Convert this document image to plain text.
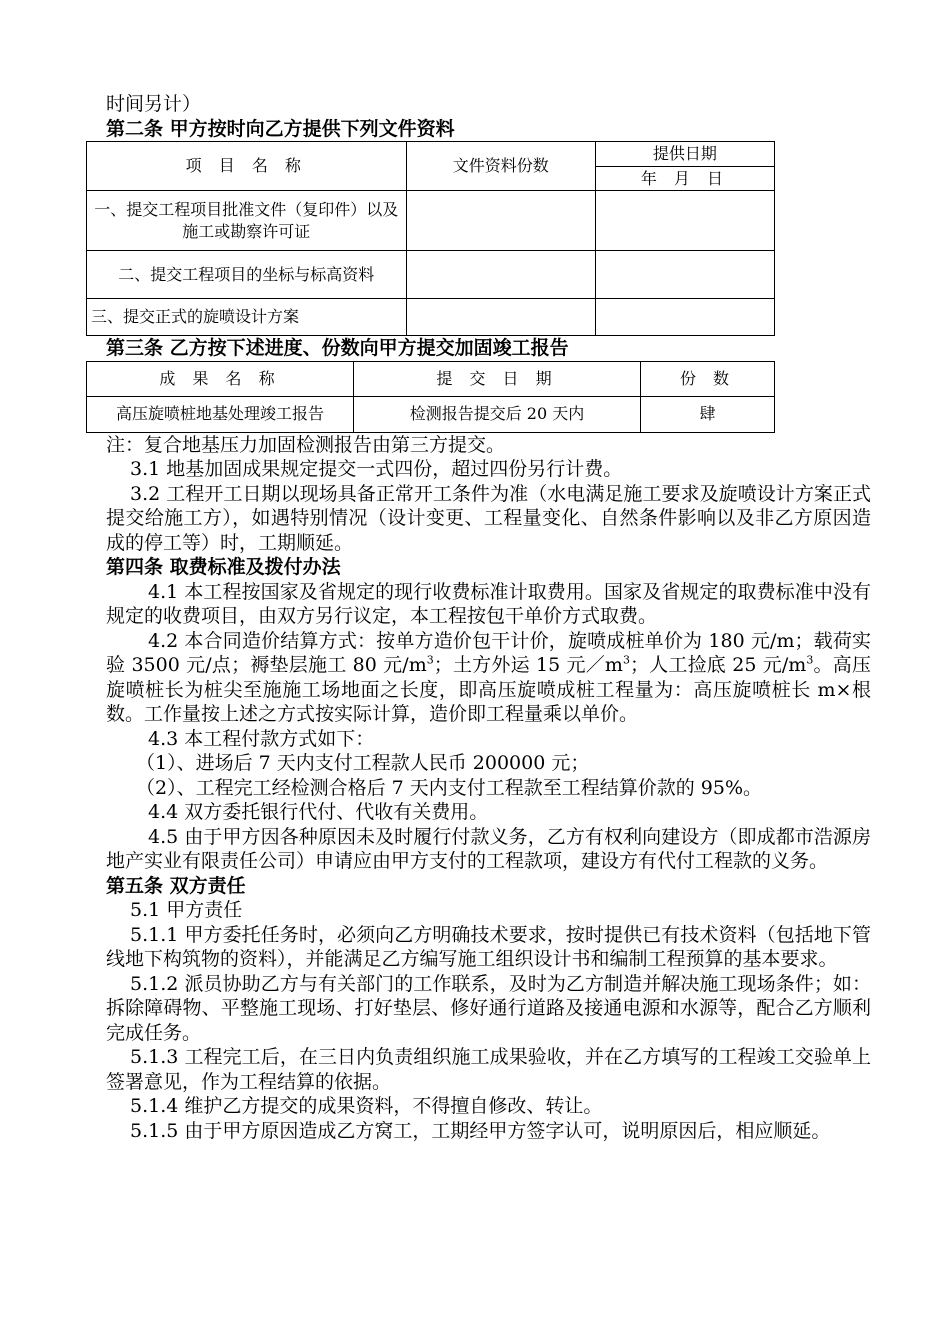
时间另计）
第二条 甲方按时向乙方提供下列文件资料
项 目 名 称	文件资料份数	提供日期
		年 月 日
一、提交工程项目批准文件（复印件）以及施工或勘察许可证		
二、提交工程项目的坐标与标高资料		
三、提交正式的旋喷设计方案		
第三条 乙方按下述进度、份数向甲方提交加固竣工报告
成 果 名 称	提 交 日 期	份 数
高压旋喷桩地基处理竣工报告	检测报告提交后 20 天内	肆
注：复合地基压力加固检测报告由第三方提交。
3.1 地基加固成果规定提交一式四份，超过四份另行计费。
3.2 工程开工日期以现场具备正常开工条件为准（水电满足施工要求及旋喷设计方案正式提交给施工方），如遇特别情况（设计变更、工程量变化、自然条件影响以及非乙方原因造成的停工等）时，工期顺延。
第四条 取费标准及拨付办法
4.1 本工程按国家及省规定的现行收费标准计取费用。国家及省规定的取费标准中没有规定的收费项目，由双方另行议定，本工程按包干单价方式取费。
4.2 本合同造价结算方式：按单方造价包干计价，旋喷成桩单价为 180 元/m；载荷实验 3500 元/点；褥垫层施工 80 元$/m^3$；土方外运 15 元$/m^3$；人工捡底 25 元$/m^3$。高压旋喷桩长为桩尖至施施工场地面之长度，即高压旋喷成桩工程量为：高压旋喷桩长 m×根数。工作量按上述之方式按实际计算，造价即工程量乘以单价。
4.3 本工程付款方式如下：
（1）、进场后 7 天内支付工程款人民币 200000 元；
（2）、工程完工经检测合格后 7 天内支付工程款至工程结算价款的 95%。
4.4 双方委托银行代付、代收有关费用。
4.5 由于甲方因各种原因未及时履行付款义务，乙方有权利向建设方（即成都市浩源房地产实业有限责任公司）申请应由甲方支付的工程款项，建设方有代付工程款的义务。
第五条 双方责任
5.1 甲方责任
5.1.1 甲方委托任务时，必须向乙方明确技术要求，按时提供已有技术资料（包括地下管线地下构筑物的资料），并能满足乙方编写施工组织设计书和编制工程预算的基本要求。
5.1.2 派员协助乙方与有关部门的工作联系，及时为乙方制造并解决施工现场条件；如：拆除障碍物、平整施工现场、打好垫层、修好通行道路及接通电源和水源等，配合乙方顺利完成任务。
5.1.3 工程完工后，在三日内负责组织施工成果验收，并在乙方填写的工程竣工交验单上签署意见，作为工程结算的依据。
5.1.4 维护乙方提交的成果资料，不得擅自修改、转让。
5.1.5 由于甲方原因造成乙方窝工，工期经甲方签字认可，说明原因后，相应顺延。
